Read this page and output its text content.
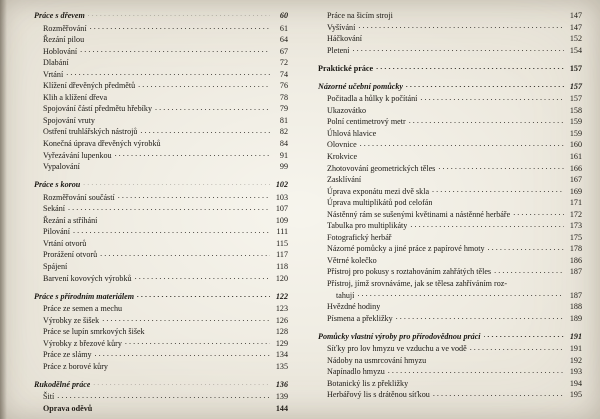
Práce s dřevem .....	60
Rozměřování .....	61
Řezání pilou .....	64
Hoblování .....	67
Dlabání .....	72
Vrtání .....	74
Klížení dřevěných předmětů .....	76
Klih a klížení dřeva .....	78
Spojování částí předmětu hřebíky .....	79
Spojování vruty .....	81
Ostření truhlářských nástrojů .....	82
Konečná úprava dřevěných výrobků .....	84
Vyřezávání lupenkou .....	91
Vypalování .....	99
Práce s korou .....	102
Rozměřování součástí .....	103
Sekání .....	107
Řezání a stříhání .....	109
Pilování .....	111
Vrtání otvorů .....	115
Prorážení otvorů .....	117
Spájení .....	118
Barvení kovových výrobků .....	120
Práce s přírodním materiálem .....	122
Práce ze semen a mechu .....	123
Výrobky ze šišek .....	126
Práce se lupín smrkových šišek .....	128
Výrobky z březové kůry .....	129
Práce ze slámy .....	134
Práce z borové kůry .....	135
Rukodělné práce .....	136
Šití .....	139
Oprava oděvů .....	144
Práce na šicím stroji .....	147
Vyšívání .....	147
Háčkování .....	152
Pletení .....	154
Praktické práce .....	157
Názorné učební pomůcky .....	157
Počitadla a hůlky k počítání .....	157
Ukazovátko .....	158
Polní centimetrový metr .....	159
Úhlová hlavice .....	159
Olovnice .....	160
Krokvice .....	161
Zhotovování geometrických těles .....	166
Zasklívání .....	167
Úprava exponátu mezi dvě skla .....	169
Úprava multiplikátů pod celofán .....	171
Nástěnný rám se sušenými květinami a nástěnné herbáře .....	172
Tabulka pro multiplikáty .....	173
Fotografický herbář .....	175
Názorné pomůcky a jiné práce z papírové hmoty .....	178
Větrné kolečko .....	186
Přístroj pro pokusy s roztahováním zahřátých těles .....	187
Přístroj, jímž srovnáváme, jak se tělesa zahříváním roz-
tahují .....	187
Hvězdné hodiny .....	188
Písmena a překližky .....	189
Pomůcky vlastní výroby pro přírodovědnou práci .....	191
Síťky pro lov hmyzu ve vzduchu a ve vodě .....	191
Nádoby na usmrcování hmyzu .....	192
Napínadlo hmyzu .....	193
Botanický lis z překližky .....	194
Herbářový lis s drátěnou síťkou .....	195
